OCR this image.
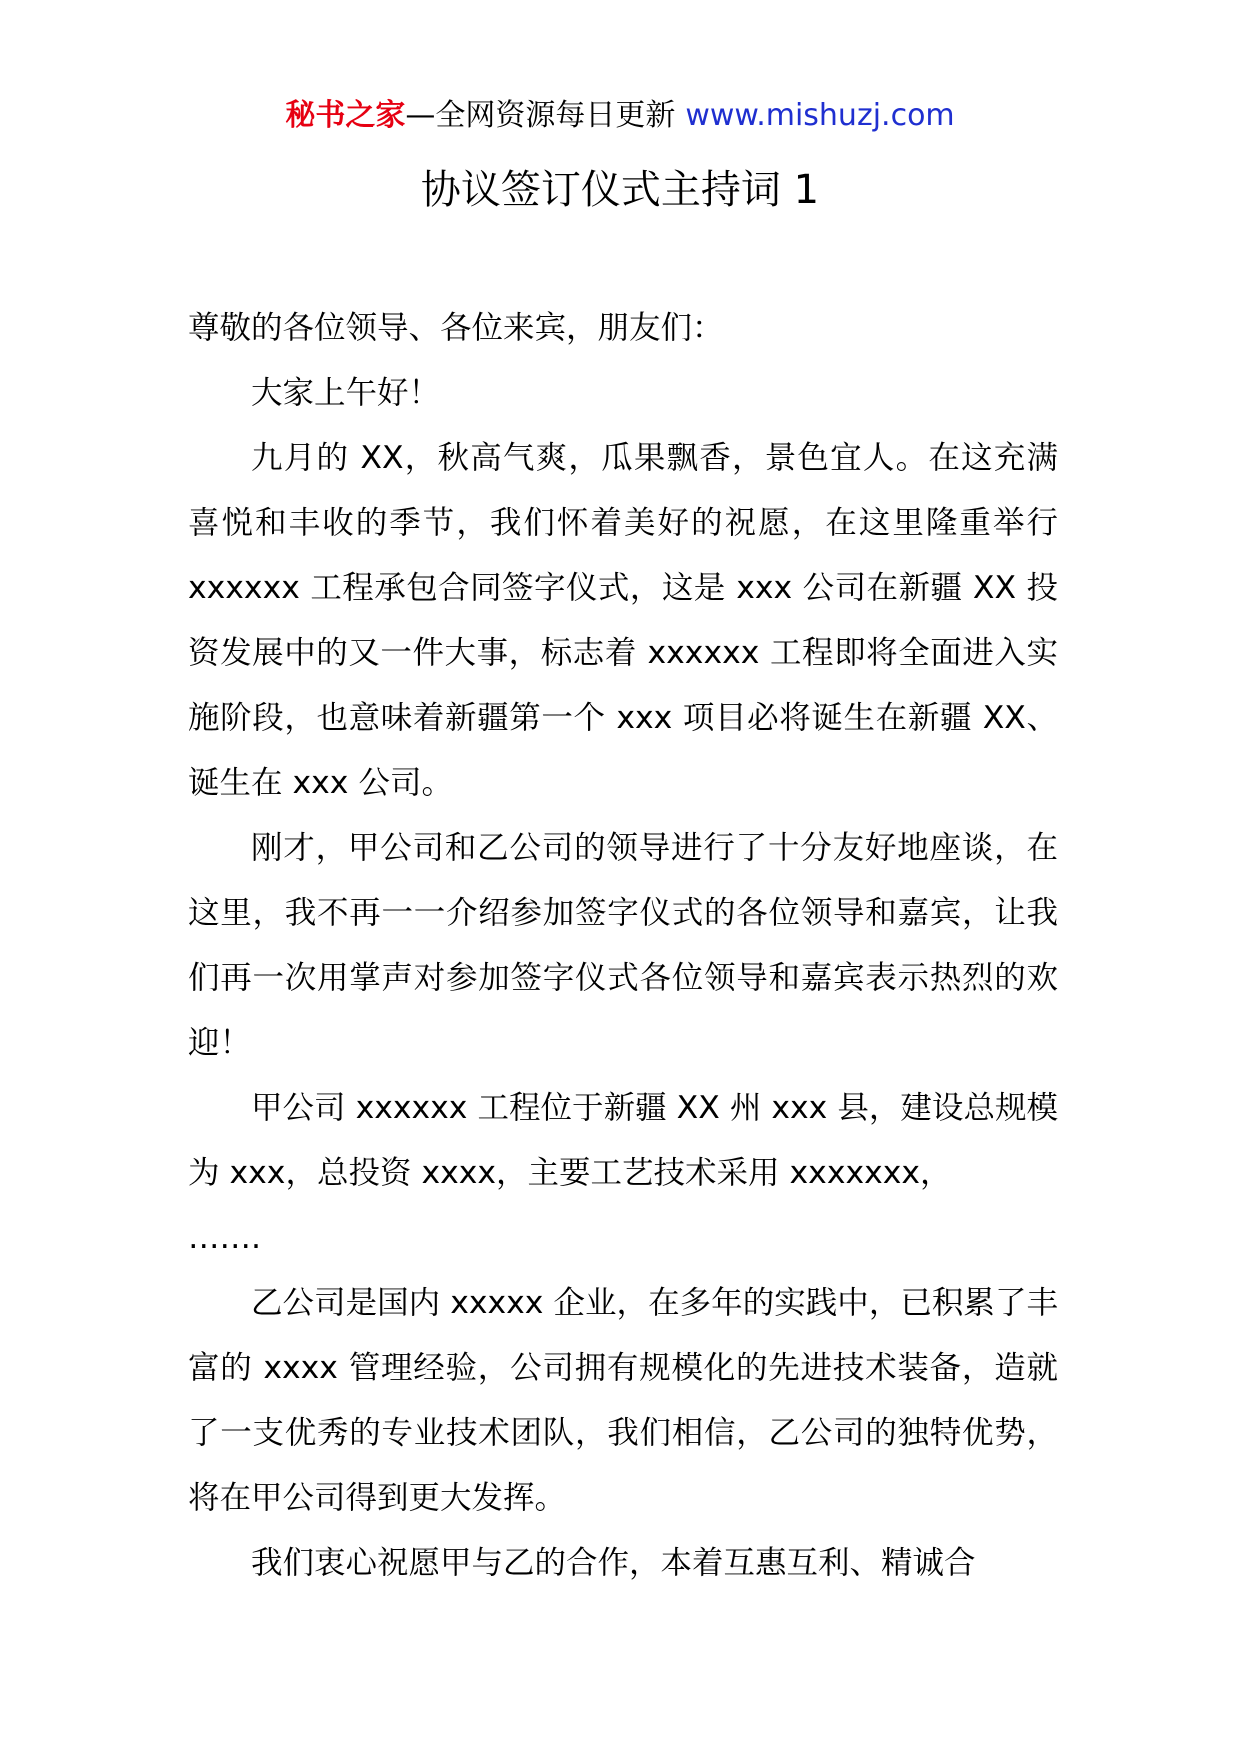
秘书之家—全网资源每日更新 www.mishuzj.com
协议签订仪式主持词 1

尊敬的各位领导、各位来宾，朋友们：

大家上午好！

九月的 XX，秋高气爽，瓜果飘香，景色宜人。在这充满喜悦和丰收的季节，我们怀着美好的祝愿，在这里隆重举行 xxxxxx 工程承包合同签字仪式，这是 xxx 公司在新疆 XX 投资发展中的又一件大事，标志着 xxxxxx 工程即将全面进入实施阶段，也意味着新疆第一个 xxx 项目必将诞生在新疆 XX、诞生在 xxx 公司。

刚才，甲公司和乙公司的领导进行了十分友好地座谈，在这里，我不再一一介绍参加签字仪式的各位领导和嘉宾，让我们再一次用掌声对参加签字仪式各位领导和嘉宾表示热烈的欢迎！

甲公司 xxxxxx 工程位于新疆 XX 州 xxx 县，建设总规模为 xxx，总投资 xxxx，主要工艺技术采用 xxxxxxx，

…….

乙公司是国内 xxxxx 企业，在多年的实践中，已积累了丰富的 xxxx 管理经验，公司拥有规模化的先进技术装备，造就了一支优秀的专业技术团队，我们相信，乙公司的独特优势，将在甲公司得到更大发挥。

我们衷心祝愿甲与乙的合作，本着互惠互利、精诚合
